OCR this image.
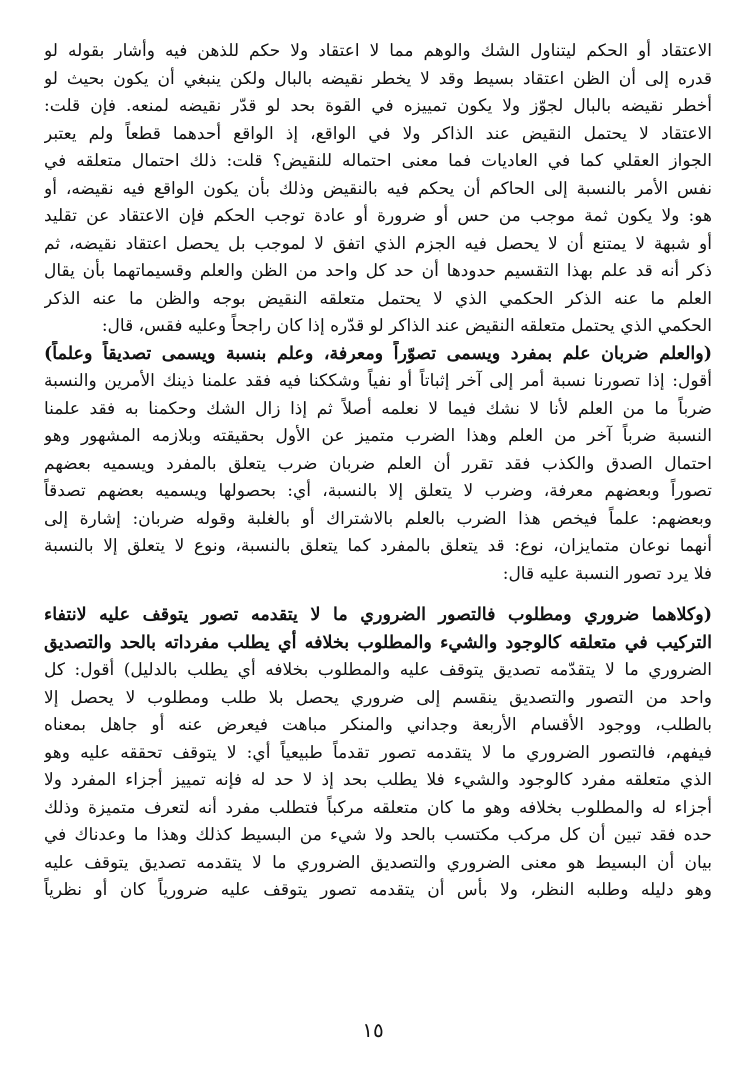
الاعتقاد أو الحكم ليتناول الشك والوهم مما لا اعتقاد ولا حكم للذهن فيه وأشار بقوله لو
قدره إلى أن الظن اعتقاد بسيط وقد لا يخطر نقيضه بالبال ولكن ينبغي أن يكون بحيث لو
أخطر نقيضه بالبال لجوّز ولا يكون تمييزه في القوة بحد لو قدّر نقيضه لمنعه. فإن قلت:
الاعتقاد لا يحتمل النقيض عند الذاكر ولا في الواقع، إذ الواقع أحدهما قطعاً ولم يعتبر
الجواز العقلي كما في العاديات فما معنى احتماله للنقيض؟ قلت: ذلك احتمال متعلقه في
نفس الأمر بالنسبة إلى الحاكم أن يحكم فيه بالنقيض وذلك بأن يكون الواقع فيه نقيضه، أو
هو: ولا يكون ثمة موجب من حس أو ضرورة أو عادة توجب الحكم فإن الاعتقاد عن تقليد
أو شبهة لا يمتنع أن لا يحصل فيه الجزم الذي اتفق لا لموجب بل يحصل اعتقاد نقيضه، ثم
ذكر أنه قد علم بهذا التقسيم حدودها أن حد كل واحد من الظن والعلم وقسيماتهما بأن يقال
العلم ما عنه الذكر الحكمي الذي لا يحتمل متعلقه النقيض بوجه والظن ما عنه الذكر
الحكمي الذي يحتمل متعلقه النقيض عند الذاكر لو قدّره إذا كان راجحاً وعليه فقس، قال:
(والعلم ضربان علم بمفرد ويسمى تصوّراً ومعرفة، وعلم بنسبة ويسمى تصديقاً وعلماً)
أقول: إذا تصورنا نسبة أمر إلى آخر إثباتاً أو نفياً وشككنا فيه فقد علمنا ذينك الأمرين والنسبة
ضرباً ما من العلم لأنا لا نشك فيما لا نعلمه أصلاً ثم إذا زال الشك وحكمنا به فقد علمنا
النسبة ضرباً آخر من العلم وهذا الضرب متميز عن الأول بحقيقته وبلازمه المشهور وهو
احتمال الصدق والكذب فقد تقرر أن العلم ضربان ضرب يتعلق بالمفرد ويسميه بعضهم
تصوراً وبعضهم معرفة، وضرب لا يتعلق إلا بالنسبة، أي: بحصولها ويسميه بعضهم تصدقاً
وبعضهم: علماً فيخص هذا الضرب بالعلم بالاشتراك أو بالغلبة وقوله ضربان: إشارة إلى
أنهما نوعان متمايزان، نوع: قد يتعلق بالمفرد كما يتعلق بالنسبة، ونوع لا يتعلق إلا بالنسبة
فلا يرد تصور النسبة عليه قال:
(وكلاهما ضروري ومطلوب فالتصور الضروري ما لا يتقدمه تصور يتوقف عليه لانتفاء
التركيب في متعلقه كالوجود والشيء والمطلوب بخلافه أي يطلب مفرداته بالحد والتصديق
الضروري ما لا يتقدّمه تصديق يتوقف عليه والمطلوب بخلافه أي يطلب بالدليل) أقول: كل
واحد من التصور والتصديق ينقسم إلى ضروري يحصل بلا طلب ومطلوب لا يحصل إلا
بالطلب، ووجود الأقسام الأربعة وجداني والمنكر مباهت فيعرض عنه أو جاهل بمعناه
فيفهم، فالتصور الضروري ما لا يتقدمه تصور تقدماً طبيعياً أي: لا يتوقف تحققه عليه وهو
الذي متعلقه مفرد كالوجود والشيء فلا يطلب بحد إذ لا حد له فإنه تمييز أجزاء المفرد ولا
أجزاء له والمطلوب بخلافه وهو ما كان متعلقه مركباً فتطلب مفرد أنه لتعرف متميزة وذلك
حده فقد تبين أن كل مركب مكتسب بالحد ولا شيء من البسيط كذلك وهذا ما وعدناك في
بيان أن البسيط هو معنى الضروري والتصديق الضروري ما لا يتقدمه تصديق يتوقف عليه
وهو دليله وطلبه النظر، ولا بأس أن يتقدمه تصور يتوقف عليه ضرورياً كان أو نظرياً
١٥
